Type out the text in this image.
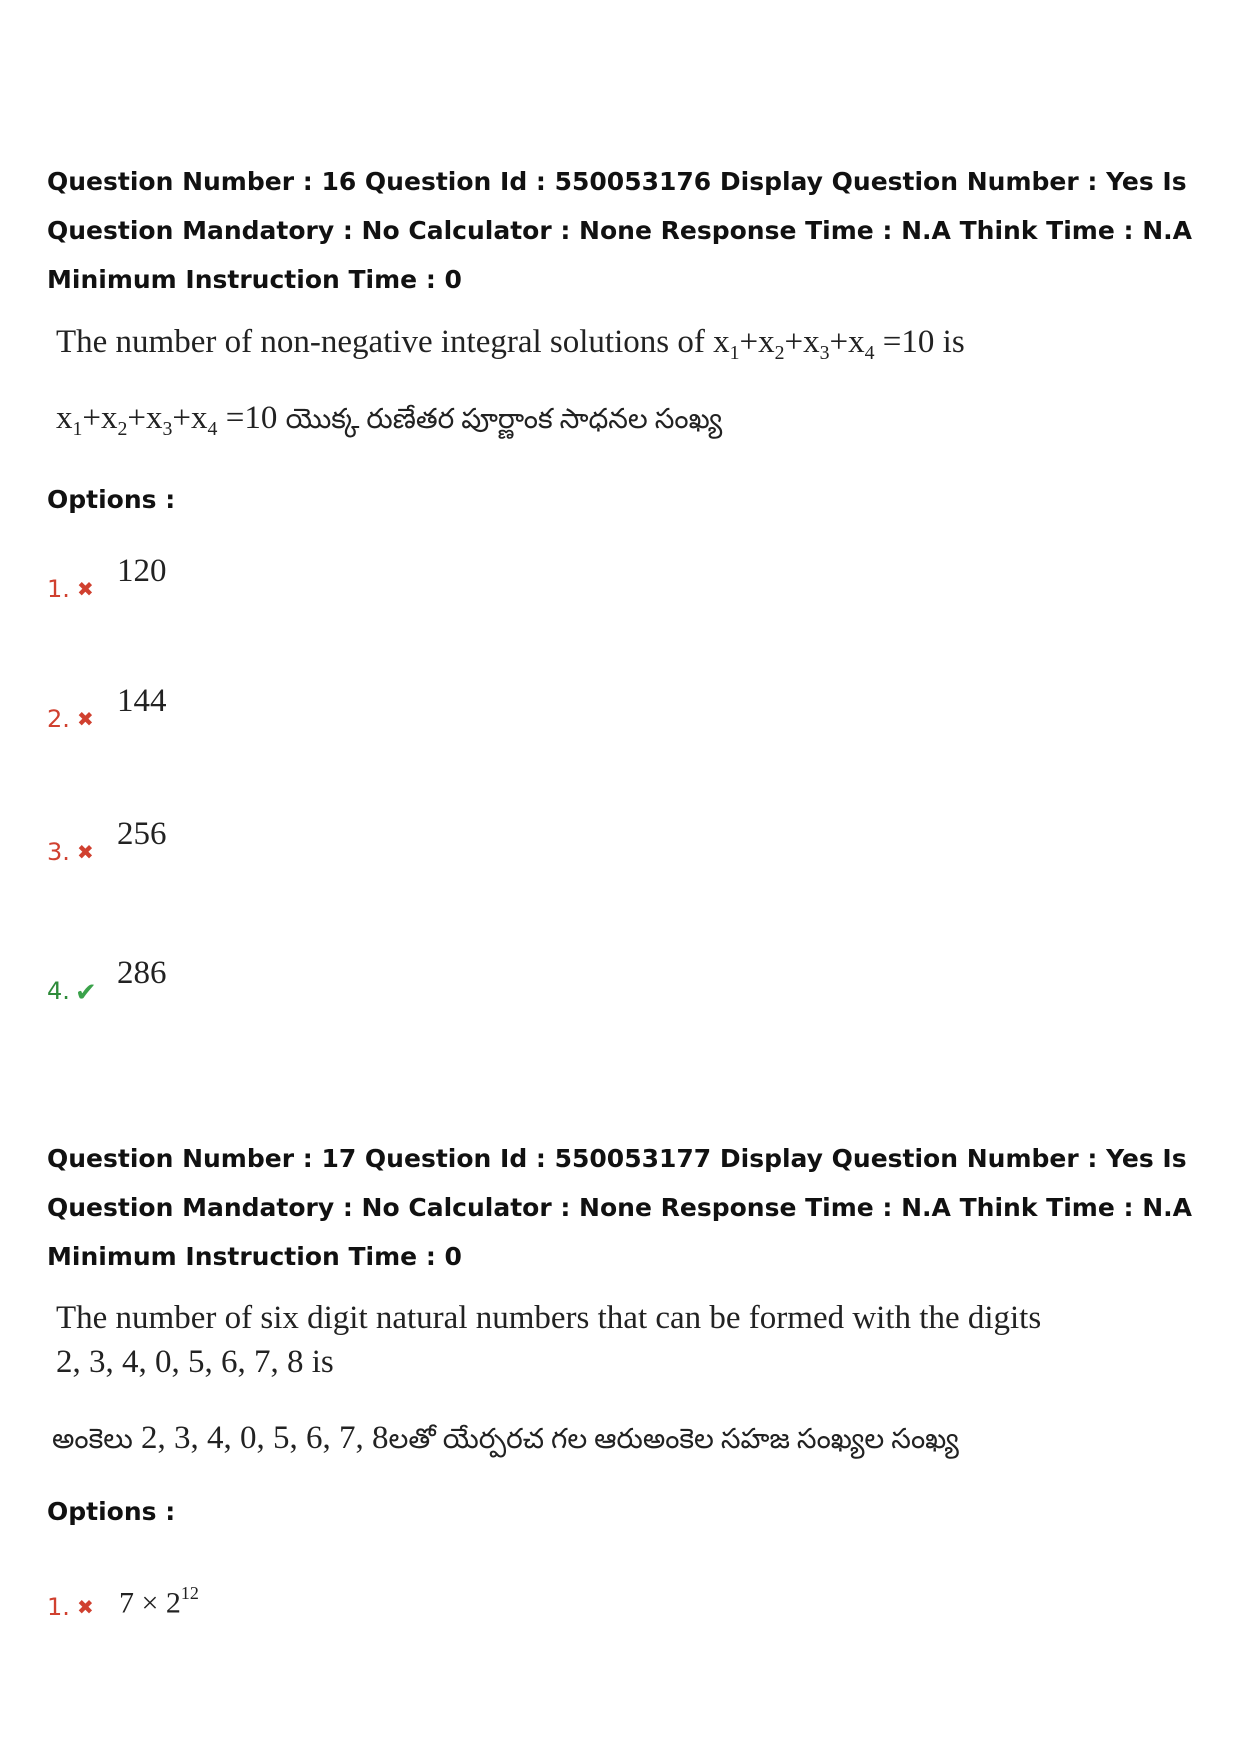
Question Number : 16 Question Id : 550053176 Display Question Number : Yes Is Question Mandatory : No Calculator : None Response Time : N.A Think Time : N.A Minimum Instruction Time : 0

The number of non-negative integral solutions of $x_1+x_2+x_3+x_4 =10$ is
$x_1+x_2+x_3+x_4 =10$ యొక్క రుణేతర పూర్ణాంక సాధనల సంఖ్య
Options :
1. ✖ 120
2. ✖ 144
3. ✖ 256
4. ✔
286

Question Number : 17 Question Id : 550053177 Display Question Number : Yes Is Question Mandatory : No Calculator : None Response Time : N.A Think Time : N.A Minimum Instruction Time : 0

The number of six digit natural numbers that can be formed with the digits
2, 3, 4, 0, 5, 6, 7, 8 is
అంకెలు 2, 3, 4, 0, 5, 6, 7, 8లతో యేర్పరచ గల ఆరుఅంకెల సహజ సంఖ్యల సంఖ్య
Options :
1. ✖ $7 \times 2^{12}$
